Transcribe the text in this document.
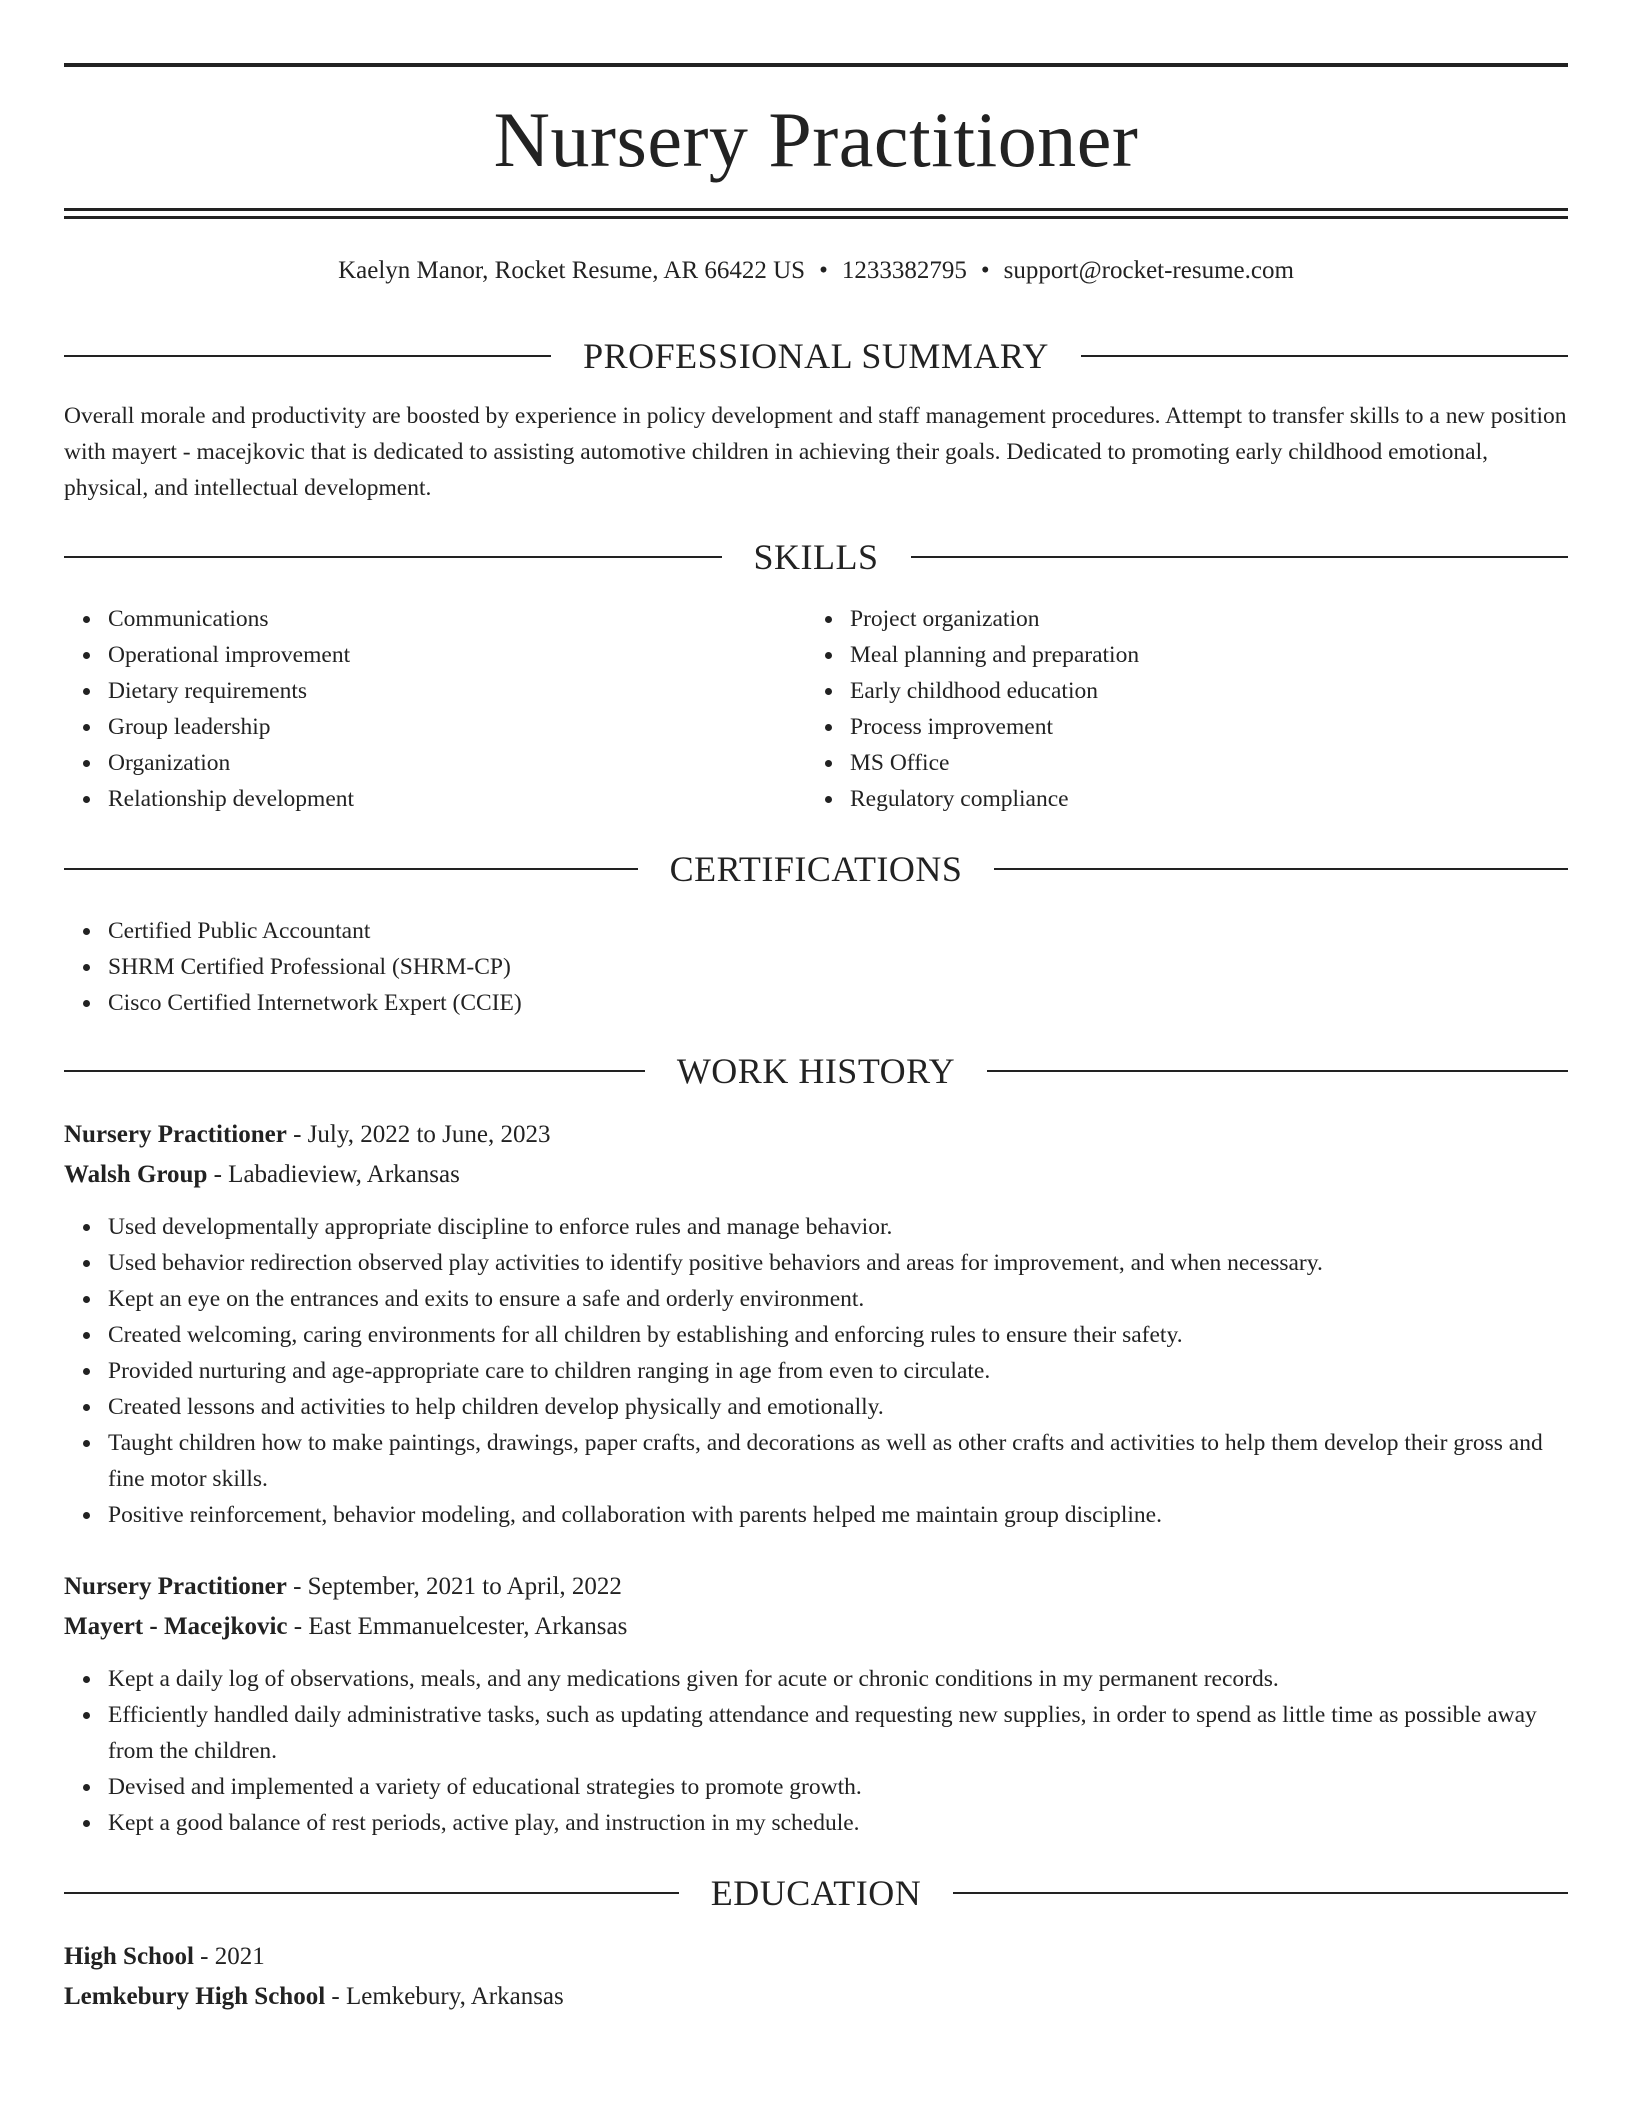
Nursery Practitioner
Kaelyn Manor, Rocket Resume, AR 66422 US • 1233382795 • support@rocket-resume.com
PROFESSIONAL SUMMARY
Overall morale and productivity are boosted by experience in policy development and staff management procedures. Attempt to transfer skills to a new position with mayert - macejkovic that is dedicated to assisting automotive children in achieving their goals. Dedicated to promoting early childhood emotional, physical, and intellectual development.
SKILLS
Communications
Operational improvement
Dietary requirements
Group leadership
Organization
Relationship development
Project organization
Meal planning and preparation
Early childhood education
Process improvement
MS Office
Regulatory compliance
CERTIFICATIONS
Certified Public Accountant
SHRM Certified Professional (SHRM-CP)
Cisco Certified Internetwork Expert (CCIE)
WORK HISTORY
Nursery Practitioner - July, 2022 to June, 2023
Walsh Group - Labadieview, Arkansas
Used developmentally appropriate discipline to enforce rules and manage behavior.
Used behavior redirection observed play activities to identify positive behaviors and areas for improvement, and when necessary.
Kept an eye on the entrances and exits to ensure a safe and orderly environment.
Created welcoming, caring environments for all children by establishing and enforcing rules to ensure their safety.
Provided nurturing and age-appropriate care to children ranging in age from even to circulate.
Created lessons and activities to help children develop physically and emotionally.
Taught children how to make paintings, drawings, paper crafts, and decorations as well as other crafts and activities to help them develop their gross and fine motor skills.
Positive reinforcement, behavior modeling, and collaboration with parents helped me maintain group discipline.
Nursery Practitioner - September, 2021 to April, 2022
Mayert - Macejkovic - East Emmanuelcester, Arkansas
Kept a daily log of observations, meals, and any medications given for acute or chronic conditions in my permanent records.
Efficiently handled daily administrative tasks, such as updating attendance and requesting new supplies, in order to spend as little time as possible away from the children.
Devised and implemented a variety of educational strategies to promote growth.
Kept a good balance of rest periods, active play, and instruction in my schedule.
EDUCATION
High School - 2021
Lemkebury High School - Lemkebury, Arkansas
